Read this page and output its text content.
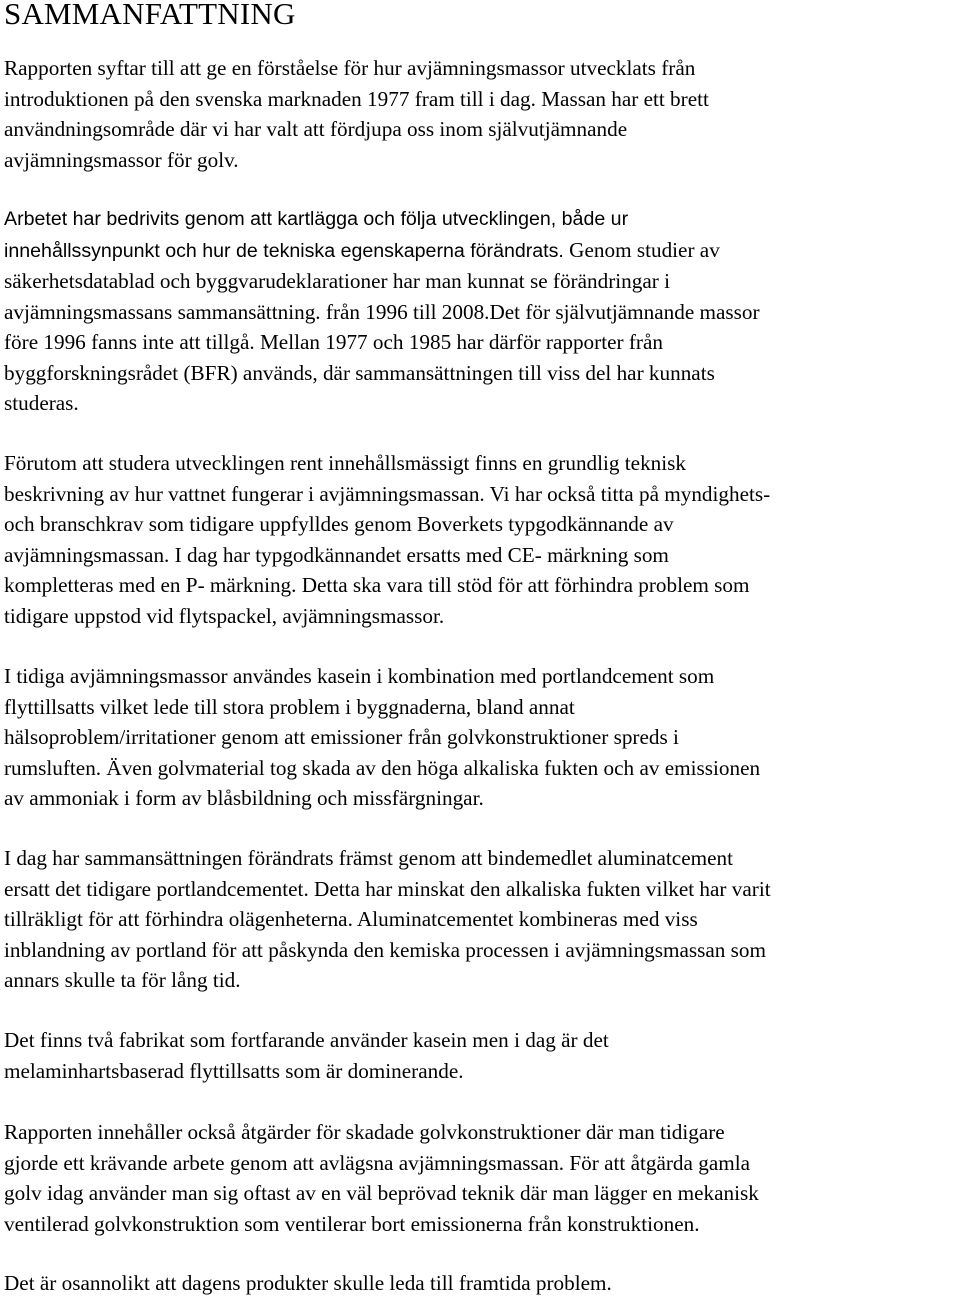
SAMMANFATTNING

Rapporten syftar till att ge en förståelse för hur avjämningsmassor utvecklats från
introduktionen på den svenska marknaden 1977 fram till i dag. Massan har ett brett
användningsområde där vi har valt att fördjupa oss inom självutjämnande
avjämningsmassor för golv.

Arbetet har bedrivits genom att kartlägga och följa utvecklingen, både ur
innehållssynpunkt och hur de tekniska egenskaperna förändrats. Genom studier av
säkerhetsdatablad och byggvarudeklarationer har man kunnat se förändringar i
avjämningsmassans sammansättning. från 1996 till 2008.Det för självutjämnande massor
före 1996 fanns inte att tillgå. Mellan 1977 och 1985 har därför rapporter från
byggforskningsrådet (BFR) används, där sammansättningen till viss del har kunnats
studeras.

Förutom att studera utvecklingen rent innehållsmässigt finns en grundlig teknisk
beskrivning av hur vattnet fungerar i avjämningsmassan. Vi har också titta på myndighets-
och branschkrav som tidigare uppfylldes genom Boverkets typgodkännande av
avjämningsmassan. I dag har typgodkännandet ersatts med CE- märkning som
kompletteras med en P- märkning. Detta ska vara till stöd för att förhindra problem som
tidigare uppstod vid flytspackel, avjämningsmassor.

I tidiga avjämningsmassor användes kasein i kombination med portlandcement som
flyttillsatts vilket lede till stora problem i byggnaderna, bland annat
hälsoproblem/irritationer genom att emissioner från golvkonstruktioner spreds i
rumsluften. Även golvmaterial tog skada av den höga alkaliska fukten och av emissionen
av ammoniak i form av blåsbildning och missfärgningar.

I dag har sammansättningen förändrats främst genom att bindemedlet aluminatcement
ersatt det tidigare portlandcementet. Detta har minskat den alkaliska fukten vilket har varit
tillräkligt för att förhindra olägenheterna. Aluminatcementet kombineras med viss
inblandning av portland för att påskynda den kemiska processen i avjämningsmassan som
annars skulle ta för lång tid.

Det finns två fabrikat som fortfarande använder kasein men i dag är det
melaminhartsbaserad flyttillsatts som är dominerande.

Rapporten innehåller också åtgärder för skadade golvkonstruktioner där man tidigare
gjorde ett krävande arbete genom att avlägsna avjämningsmassan. För att åtgärda gamla
golv idag använder man sig oftast av en väl beprövad teknik där man lägger en mekanisk
ventilerad golvkonstruktion som ventilerar bort emissionerna från konstruktionen.

Det är osannolikt att dagens produkter skulle leda till framtida problem.
